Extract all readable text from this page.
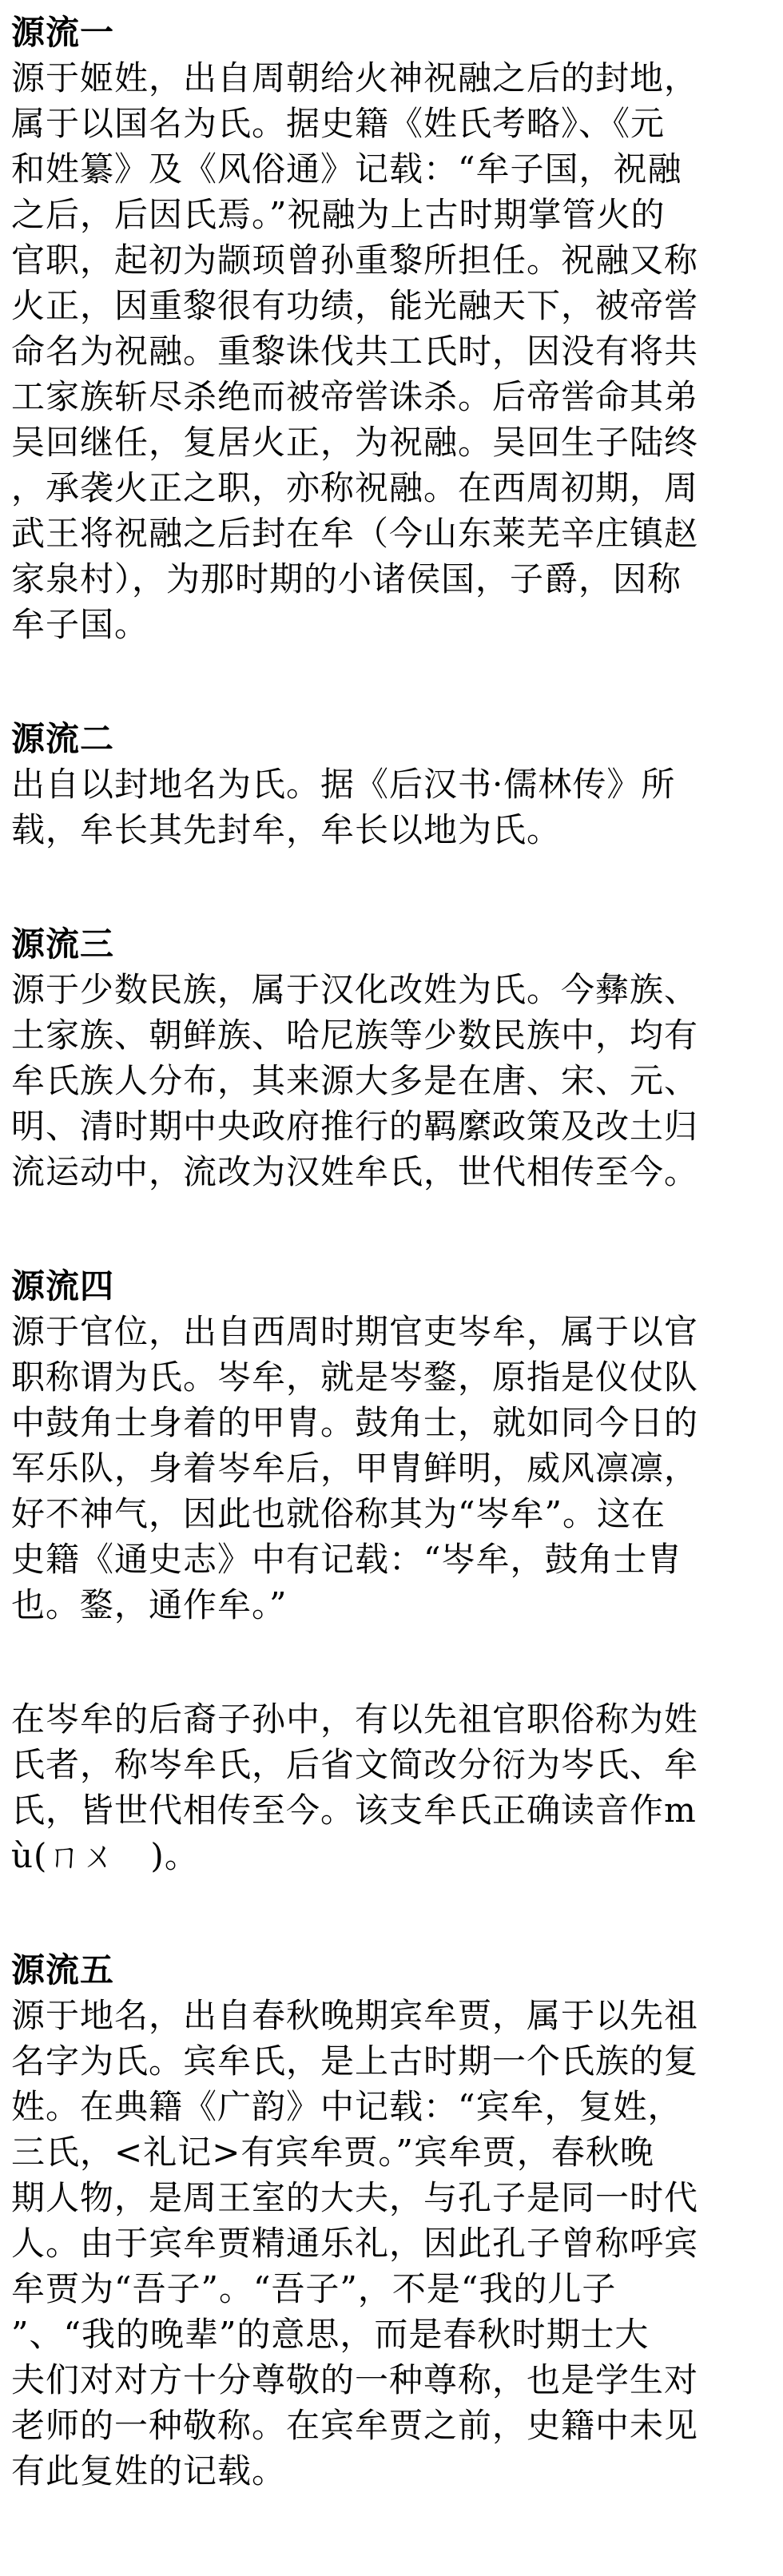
源流一
源于姬姓，出自周朝给火神祝融之后的封地，
属于以国名为氏。据史籍《姓氏考略》、《元
和姓纂》及《风俗通》记载：“牟子国，祝融
之后，后因氏焉。”祝融为上古时期掌管火的
官职，起初为颛顼曾孙重黎所担任。祝融又称
火正，因重黎很有功绩，能光融天下，被帝喾
命名为祝融。重黎诛伐共工氏时，因没有将共
工家族斩尽杀绝而被帝喾诛杀。后帝喾命其弟
吴回继任，复居火正，为祝融。吴回生子陆终
，承袭火正之职，亦称祝融。在西周初期，周
武王将祝融之后封在牟（今山东莱芜辛庄镇赵
家泉村），为那时期的小诸侯国，子爵，因称
牟子国。
源流二
出自以封地名为氏。据《后汉书·儒林传》所
载，牟长其先封牟，牟长以地为氏。
源流三
源于少数民族，属于汉化改姓为氏。今彝族、
土家族、朝鲜族、哈尼族等少数民族中，均有
牟氏族人分布，其来源大多是在唐、宋、元、
明、清时期中央政府推行的羁縻政策及改土归
流运动中，流改为汉姓牟氏，世代相传至今。
源流四
源于官位，出自西周时期官吏岑牟，属于以官
职称谓为氏。岑牟，就是岑鍪，原指是仪仗队
中鼓角士身着的甲胄。鼓角士，就如同今日的
军乐队，身着岑牟后，甲胄鲜明，威风凛凛，
好不神气，因此也就俗称其为“岑牟”。这在
史籍《通史志》中有记载：“岑牟，鼓角士胄
也。鍪，通作牟。”
在岑牟的后裔子孙中，有以先祖官职俗称为姓
氏者，称岑牟氏，后省文简改分衍为岑氏、牟
氏，皆世代相传至今。该支牟氏正确读音作m
ù(ㄇㄨ　)。
源流五
源于地名，出自春秋晚期宾牟贾，属于以先祖
名字为氏。宾牟氏，是上古时期一个氏族的复
姓。在典籍《广韵》中记载：“宾牟，复姓，
三氏，<礼记>有宾牟贾。”宾牟贾，春秋晚
期人物，是周王室的大夫，与孔子是同一时代
人。由于宾牟贾精通乐礼，因此孔子曾称呼宾
牟贾为“吾子”。“吾子”，不是“我的儿子
”、“我的晚辈”的意思，而是春秋时期士大
夫们对对方十分尊敬的一种尊称，也是学生对
老师的一种敬称。在宾牟贾之前，史籍中未见
有此复姓的记载。
